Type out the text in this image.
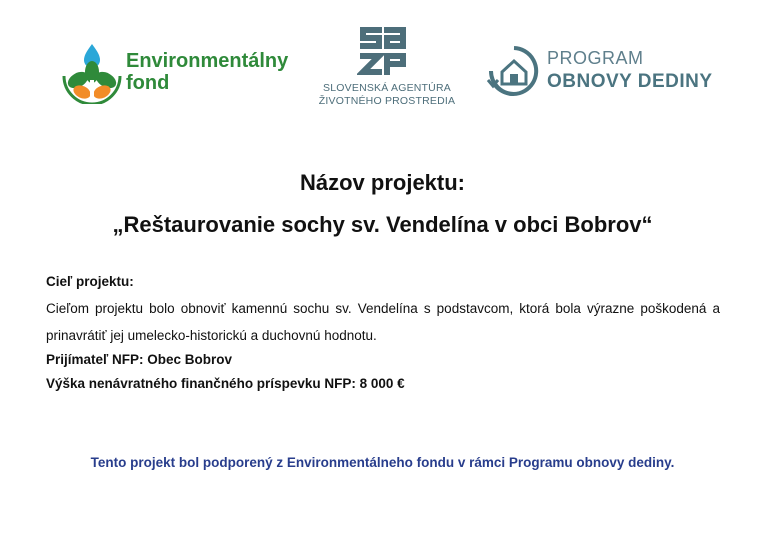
Environmentálny
fond	SLOVENSKÁ AGENTÚRA
ŽIVOTNÉHO PROSTREDIA
PROGRAM
OBNOVY DEDINY
Názov projektu:
„Reštaurovanie sochy sv. Vendelína v obci Bobrov“
Cieľ projektu:
Cieľom projektu bolo obnoviť kamennú sochu sv. Vendelína s podstavcom, ktorá bola výrazne poškodená a prinavrátiť jej umelecko-historickú a duchovnú hodnotu.
Prijímateľ NFP: Obec Bobrov
Výška nenávratného finančného príspevku NFP: 8 000 €
Tento projekt bol podporený z Environmentálneho fondu v rámci Programu obnovy dediny.
